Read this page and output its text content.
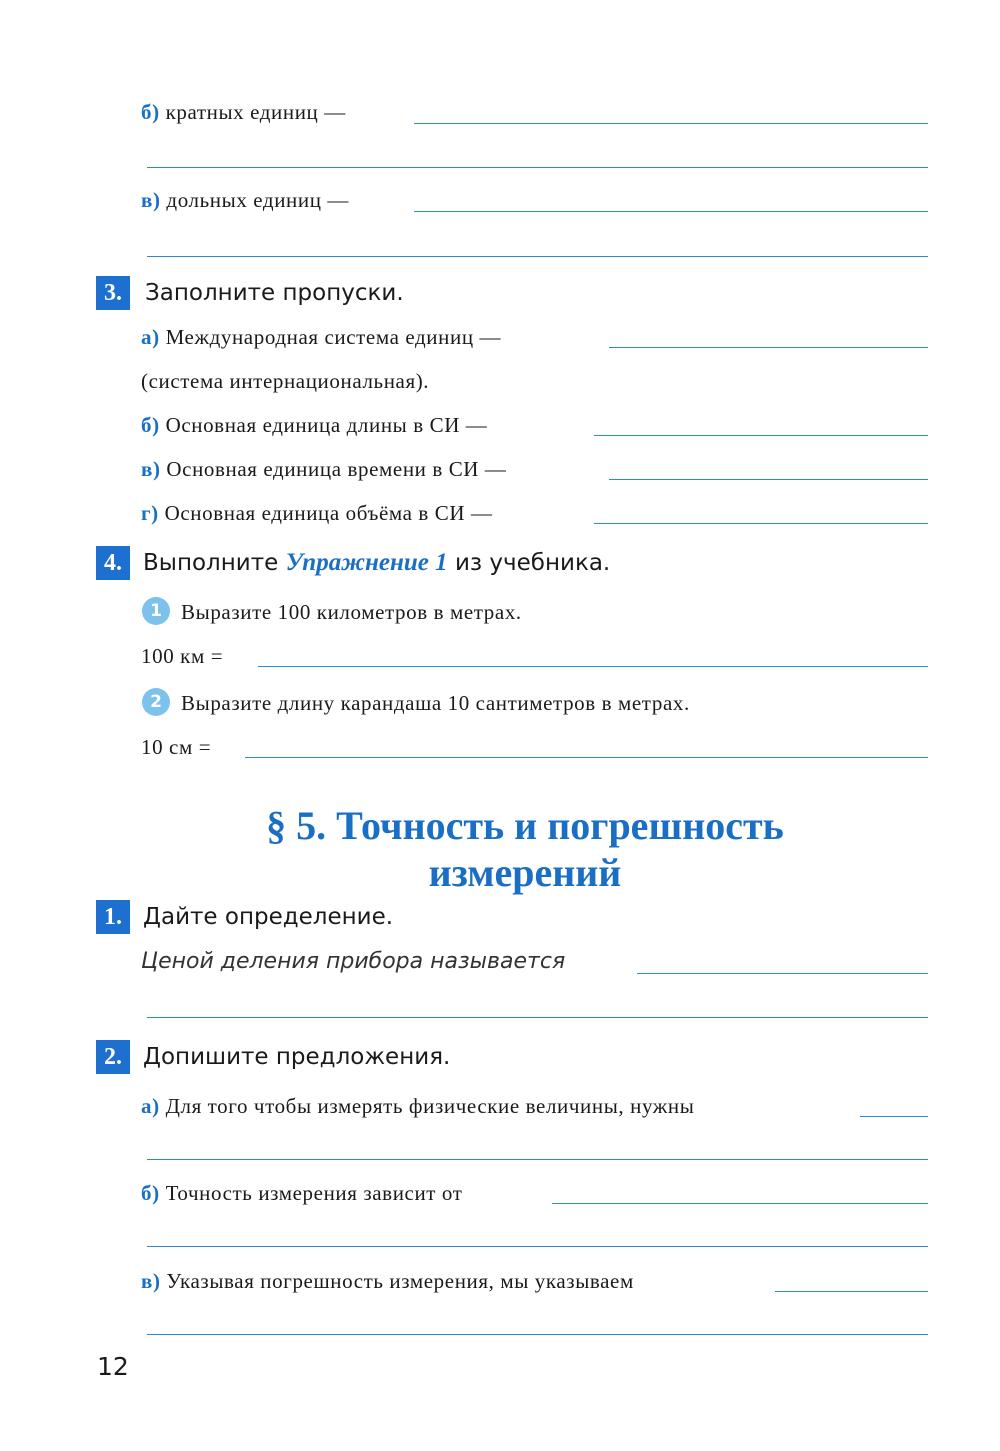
б) кратных единиц —
в) дольных единиц —
3.	Заполните пропуски.
а) Международная система единиц —
(система интернациональная).
б) Основная единица длины в СИ —
в) Основная единица времени в СИ —
г) Основная единица объёма в СИ —
4. Выполните Упражнение 1 из учебника.
1 Выразите 100 километров в метрах.
100 км =
2 Выразите длину карандаша 10 сантиметров в метрах.
10 см =
§ 5. Точность и погрешность
измерений
1. Дайте определение.
Ценой деления прибора называется
2. Допишите предложения.
а) Для того чтобы измерять физические величины, нужны
б) Точность измерения зависит от
в) Указывая погрешность измерения, мы указываем
12
